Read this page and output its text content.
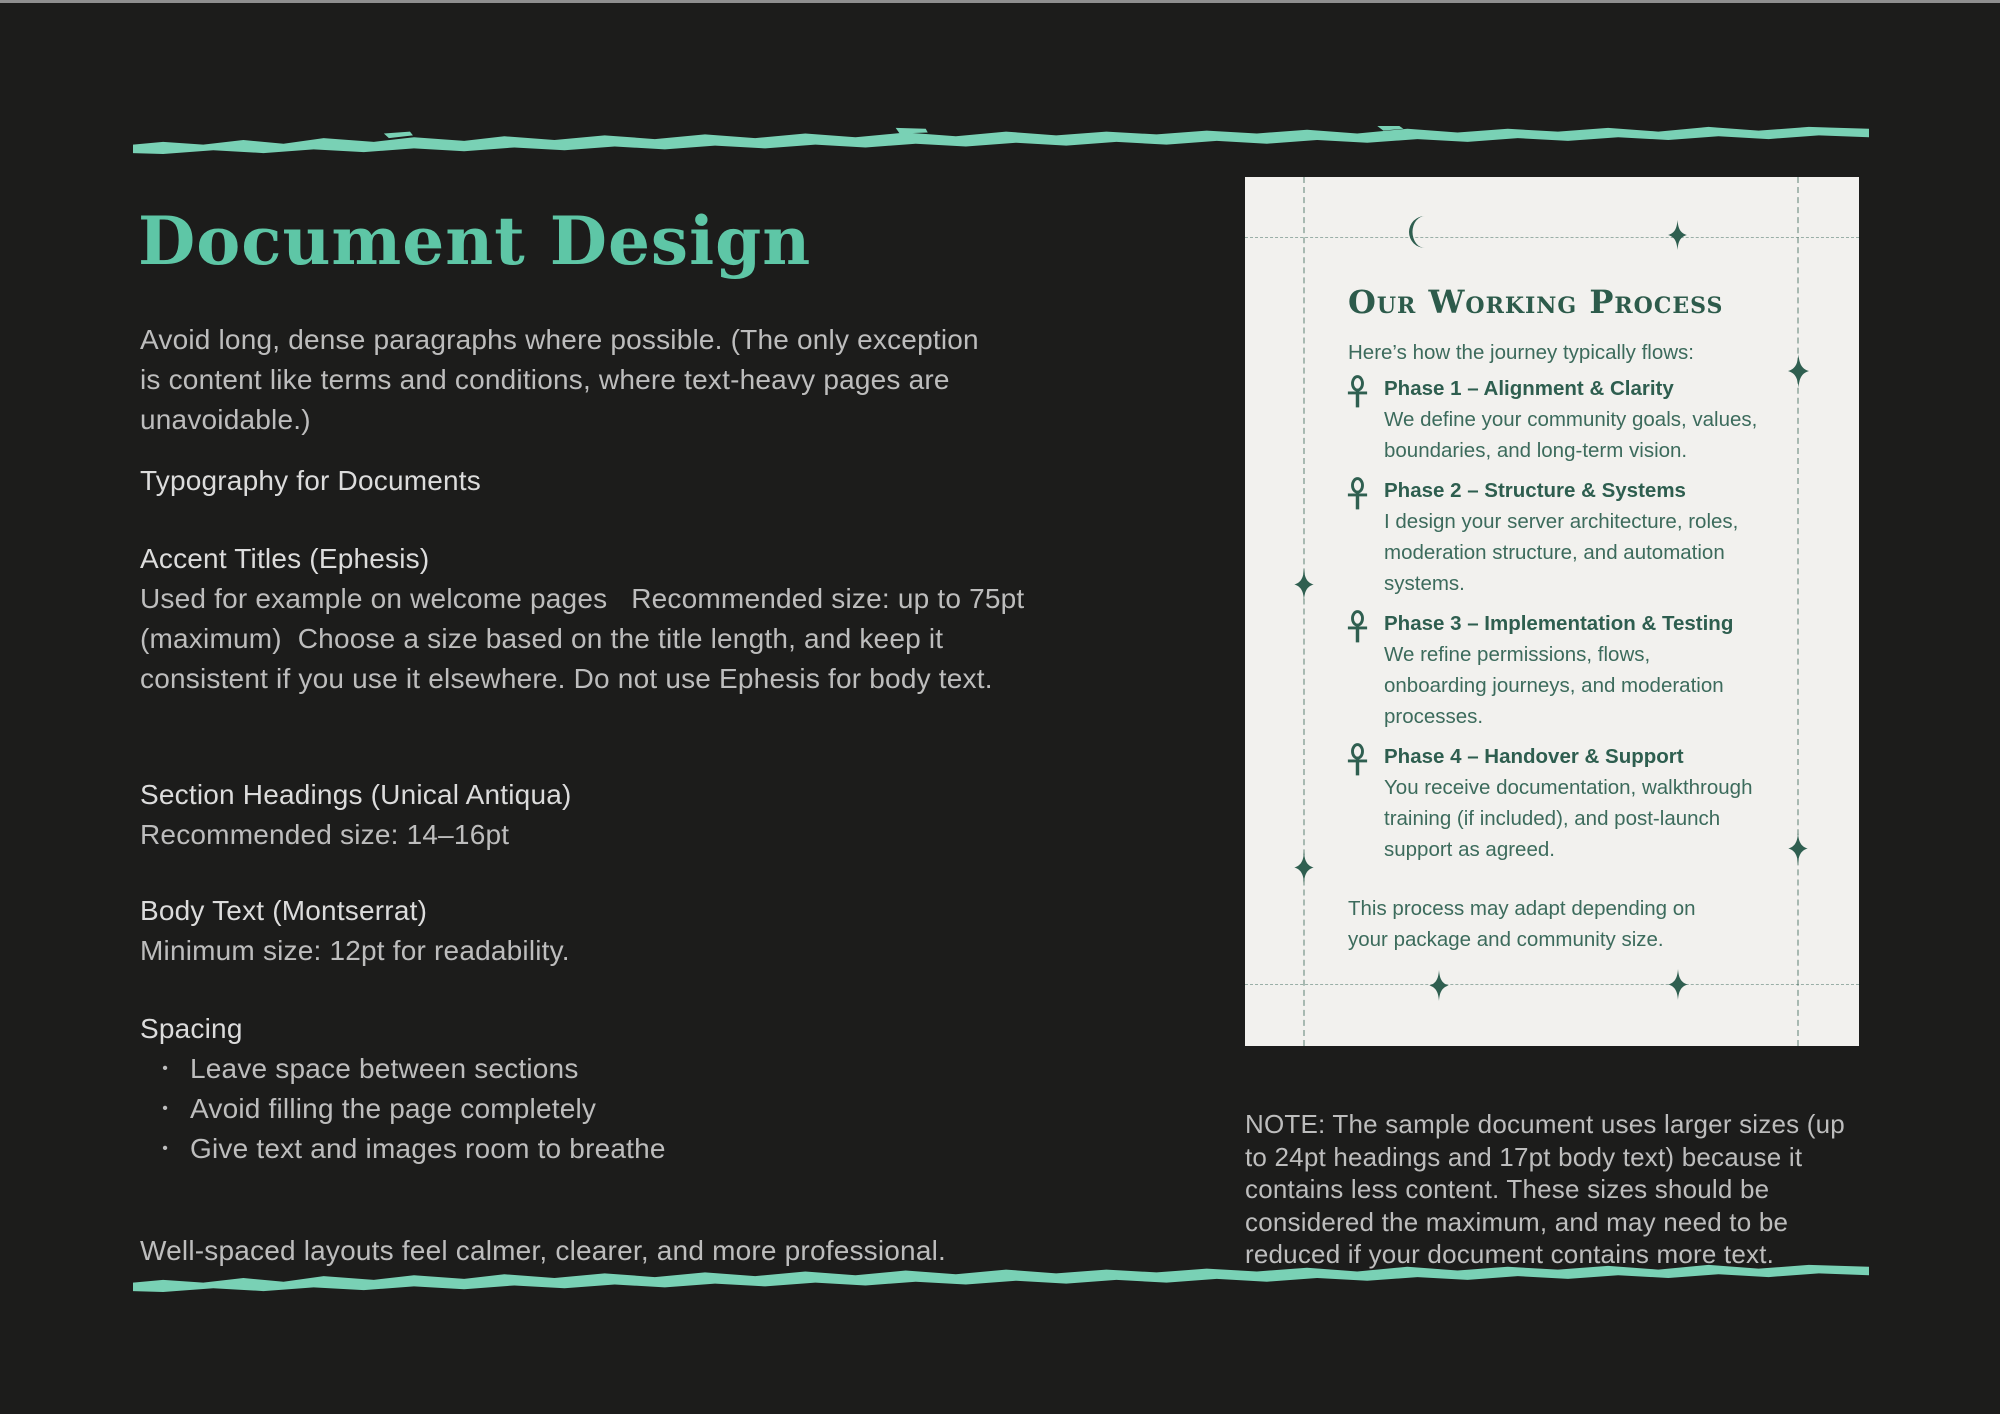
Document Design

Avoid long, dense paragraphs where possible. (The only exception is content like terms and conditions, where text-heavy pages are unavoidable.)

Typography for Documents
Accent Titles (Ephesis)

Used for example on welcome pages   Recommended size: up to 75pt (maximum)  Choose a size based on the title length, and keep it consistent if you use it elsewhere. Do not use Ephesis for body text.

Section Headings (Unical Antiqua)
Recommended size: 14–16pt
Body Text (Montserrat)
Minimum size: 12pt for readability.
Spacing
• Leave space between sections
• Avoid filling the page completely
• Give text and images room to breathe

Well-spaced layouts feel calmer, clearer, and more professional.

Our Working Process
Here’s how the journey typically flows:
Phase 1 – Alignment & Clarity
We define your community goals, values, boundaries, and long-term vision.
Phase 2 – Structure & Systems
I design your server architecture, roles, moderation structure, and automation systems.
Phase 3 – Implementation & Testing
We refine permissions, flows, onboarding journeys, and moderation processes.
Phase 4 – Handover & Support
You receive documentation, walkthrough training (if included), and post-launch support as agreed.
This process may adapt depending on your package and community size.

NOTE: The sample document uses larger sizes (up to 24pt headings and 17pt body text) because it contains less content. These sizes should be considered the maximum, and may need to be reduced if your document contains more text.
